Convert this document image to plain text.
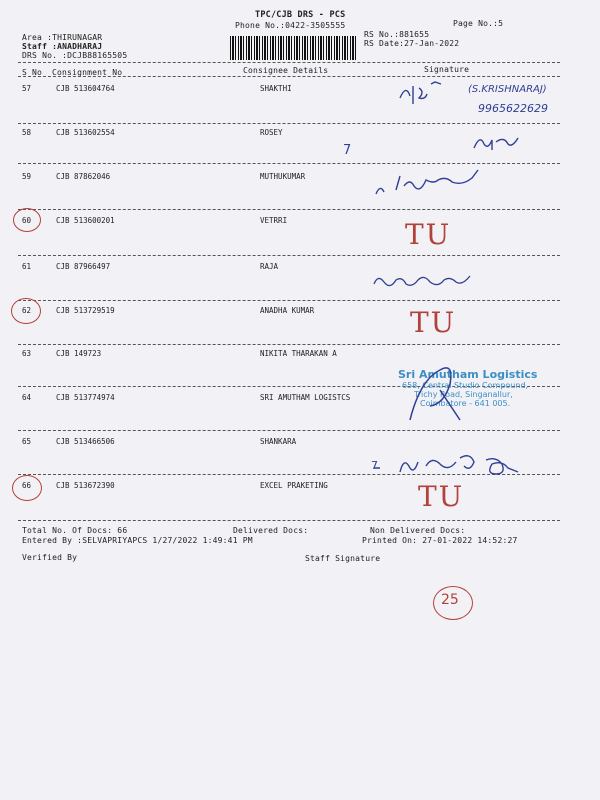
TPC/CJB DRS - PCS
Phone No.:0422-3505555	Page No.:5
Area :THIRUNAGAR
Staff :ANADHARAJ
DRS No. :DCJB88165505
RS No.:881655
RS Date:27-Jan-2022
S No Consignment No	Consignee Details	Signature
57	CJB 513604764	SHAKTHI
58	CJB 513602554	ROSEY
59	CJB 87862046	MUTHUKUMAR
60	CJB 513600201	VETRRI
61	CJB 87966497	RAJA
62	CJB 513729519	ANADHA KUMAR
63	CJB 149723	NIKITA THARAKAN A
64	CJB 513774974	SRI AMUTHAM LOGISTCS
65	CJB 513466506	SHANKARA
66	CJB 513672390	EXCEL PRAKETING
Total No. Of Docs: 66	Delivered Docs:	Non Delivered Docs:
Entered By :SELVAPRIYAPCS 1/27/2022 1:49:41 PM	Printed On: 27-01-2022 14:52:27
Verified By	Staff Signature
(S.KRISHNARAJ)
9965622629
7
7
TU
TU
TU
Sri Amutham Logistics
658, Central Studio Compound,
Trichy Road, Singanallur,
Coimbatore - 641 005.
25
